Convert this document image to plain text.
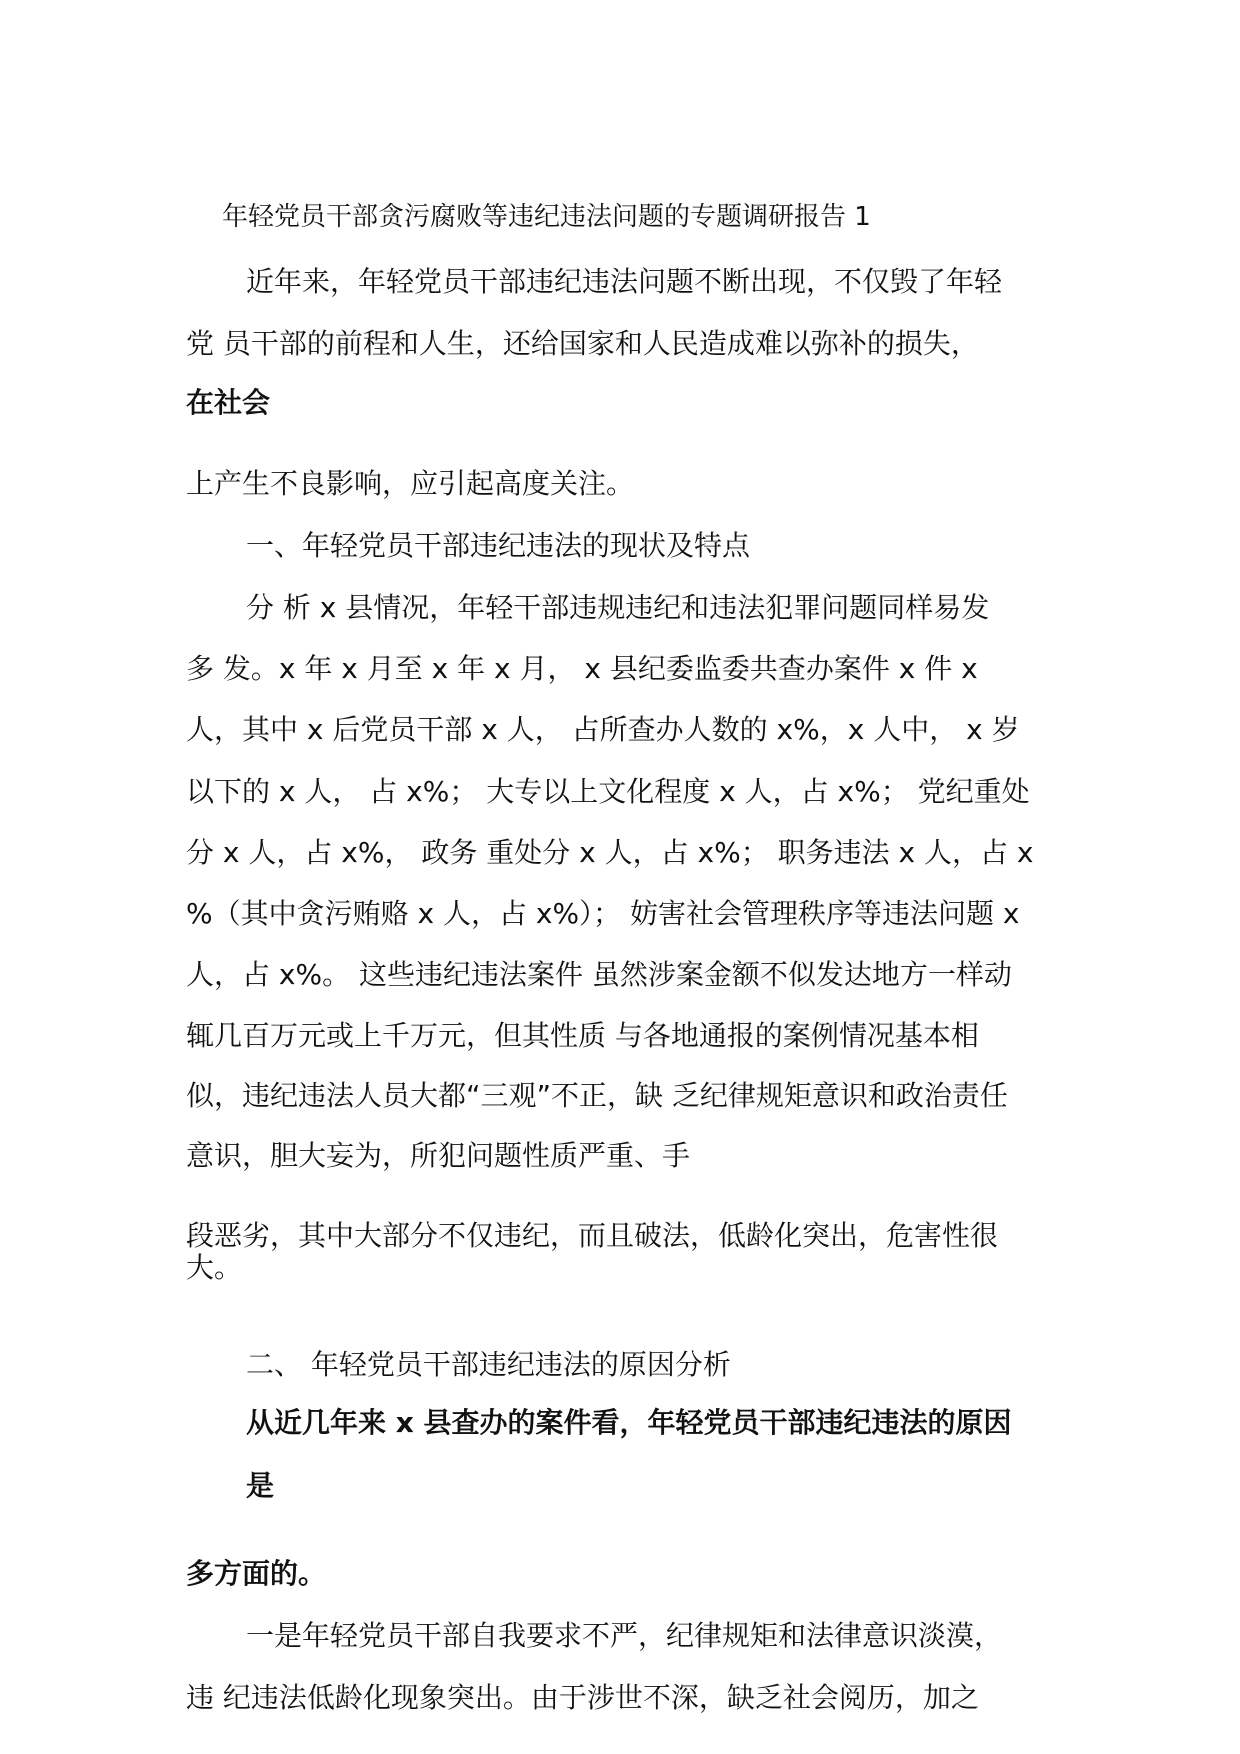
年轻党员干部贪污腐败等违纪违法问题的专题调研报告 1

近年来，年轻党员干部违纪违法问题不断出现，不仅毁了年轻

党 员干部的前程和人生，还给国家和人民造成难以弥补的损失，

在社会

上产生不良影响，应引起高度关注。

一、年轻党员干部违纪违法的现状及特点

分 析 x 县情况，年轻干部违规违纪和违法犯罪问题同样易发

多 发。x 年 x 月至 x 年 x 月， x 县纪委监委共查办案件 x 件 x

人，其中 x 后党员干部 x 人， 占所查办人数的 x%，x 人中， x 岁

以下的 x 人， 占 x%； 大专以上文化程度 x 人，占 x%； 党纪重处

分 x 人，占 x%， 政务 重处分 x 人，占 x%； 职务违法 x 人，占 x

%（其中贪污贿赂 x 人，占 x%）； 妨害社会管理秩序等违法问题 x

人，占 x%。 这些违纪违法案件 虽然涉案金额不似发达地方一样动

辄几百万元或上千万元，但其性质 与各地通报的案例情况基本相

似，违纪违法人员大都“三观”不正，缺 乏纪律规矩意识和政治责任

意识，胆大妄为，所犯问题性质严重、手

段恶劣，其中大部分不仅违纪，而且破法，低龄化突出，危害性很

大。

二、 年轻党员干部违纪违法的原因分析

从近几年来 x 县查办的案件看，年轻党员干部违纪违法的原因

是

多方面的。

一是年轻党员干部自我要求不严，纪律规矩和法律意识淡漠，

违 纪违法低龄化现象突出。由于涉世不深，缺乏社会阅历，加之
